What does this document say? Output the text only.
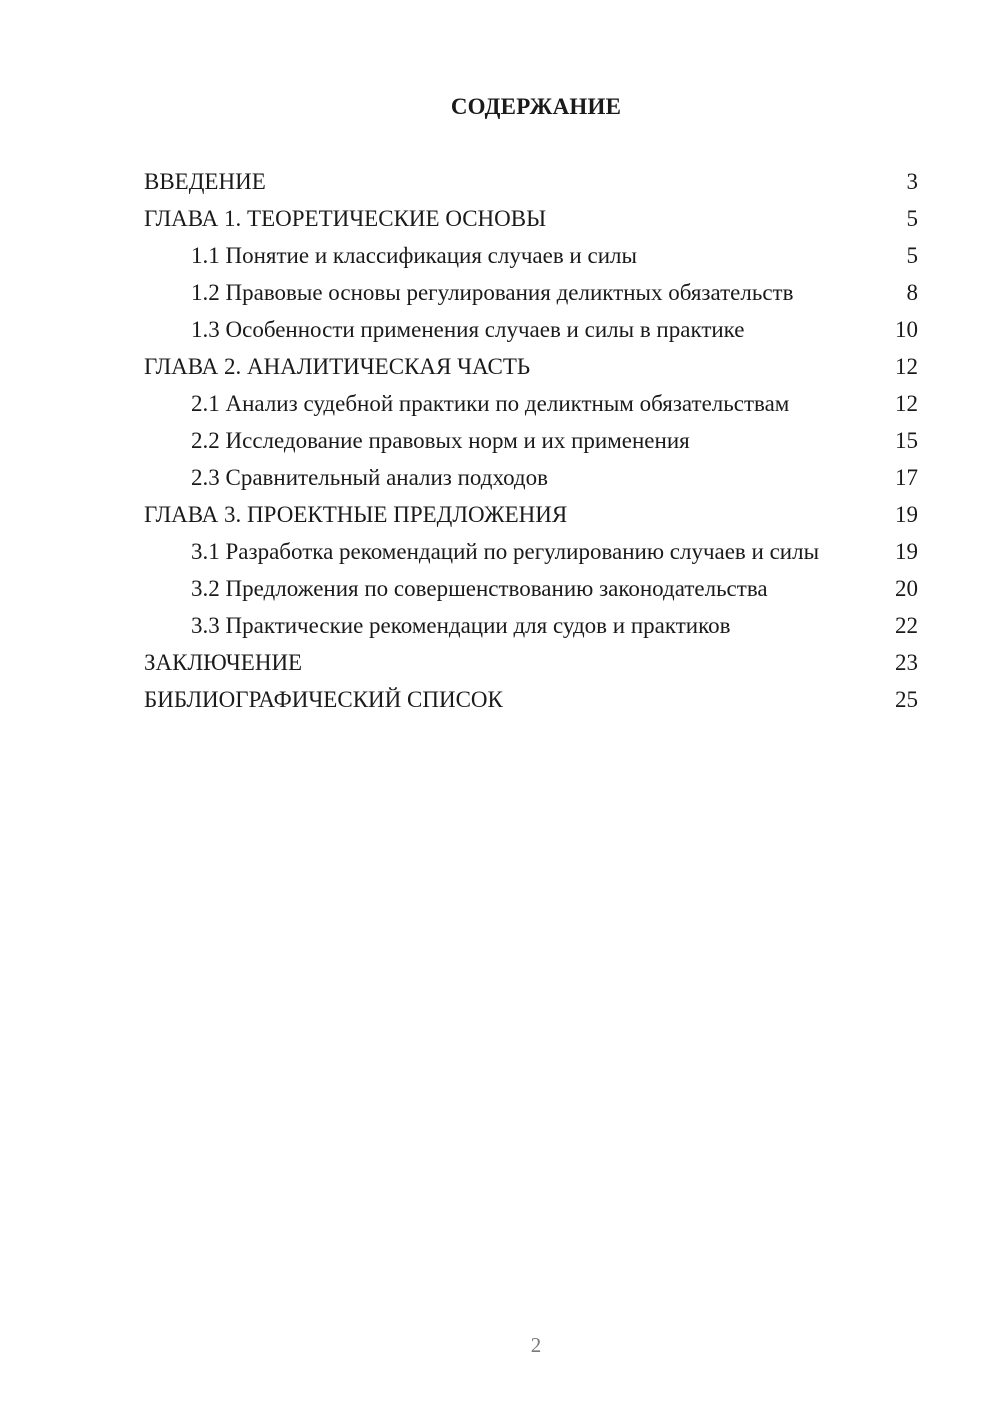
СОДЕРЖАНИЕ
ВВЕДЕНИЕ	3
ГЛАВА 1. ТЕОРЕТИЧЕСКИЕ ОСНОВЫ	5
1.1 Понятие и классификация случаев и силы	5
1.2 Правовые основы регулирования деликтных обязательств	8
1.3 Особенности применения случаев и силы в практике	10
ГЛАВА 2. АНАЛИТИЧЕСКАЯ ЧАСТЬ	12
2.1 Анализ судебной практики по деликтным обязательствам	12
2.2 Исследование правовых норм и их применения	15
2.3 Сравнительный анализ подходов	17
ГЛАВА 3. ПРОЕКТНЫЕ ПРЕДЛОЖЕНИЯ	19
3.1 Разработка рекомендаций по регулированию случаев и силы	19
3.2 Предложения по совершенствованию законодательства	20
3.3 Практические рекомендации для судов и практиков	22
ЗАКЛЮЧЕНИЕ	23
БИБЛИОГРАФИЧЕСКИЙ СПИСОК	25
2
